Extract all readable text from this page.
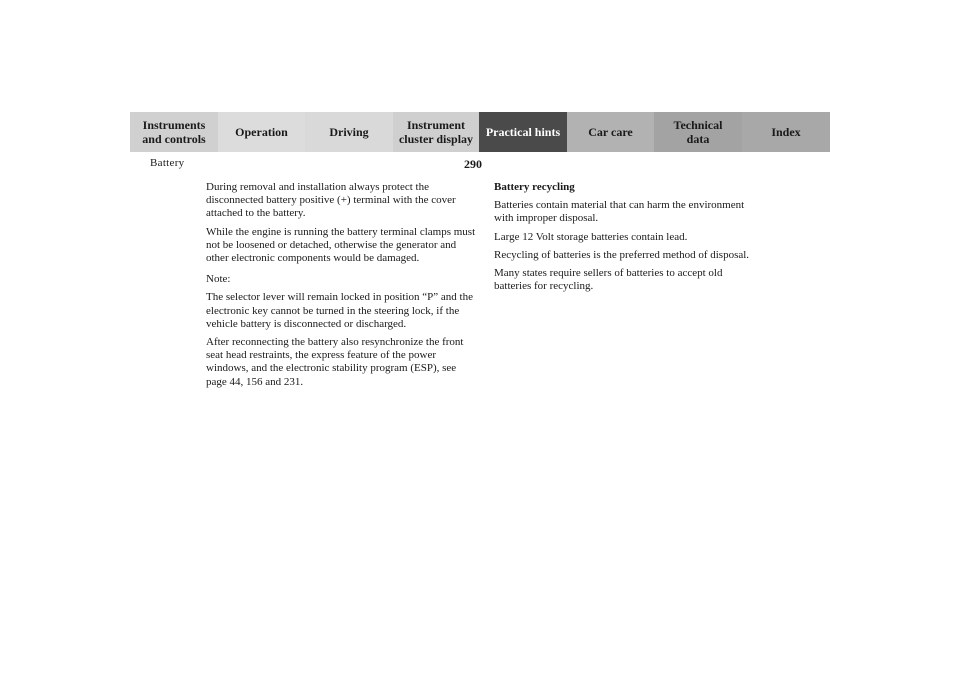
Instruments
and controls	Operation	Driving	Instrument
cluster display	Practical hints	Car care	Technical
data	Index
Battery	290

During removal and installation always protect the disconnected battery positive (+) terminal with the cover attached to the battery.

While the engine is running the battery terminal clamps must not be loosened or detached, otherwise the generator and other electronic components would be damaged.

Note:

The selector lever will remain locked in position “P” and the electronic key cannot be turned in the steering lock, if the vehicle battery is disconnected or discharged.

After reconnecting the battery also resynchronize the front seat head restraints, the express feature of the power windows, and the electronic stability program (ESP), see page 44, 156 and 231.

Battery recycling

Batteries contain material that can harm the environment with improper disposal.

Large 12 Volt storage batteries contain lead.

Recycling of batteries is the preferred method of disposal.

Many states require sellers of batteries to accept old batteries for recycling.
